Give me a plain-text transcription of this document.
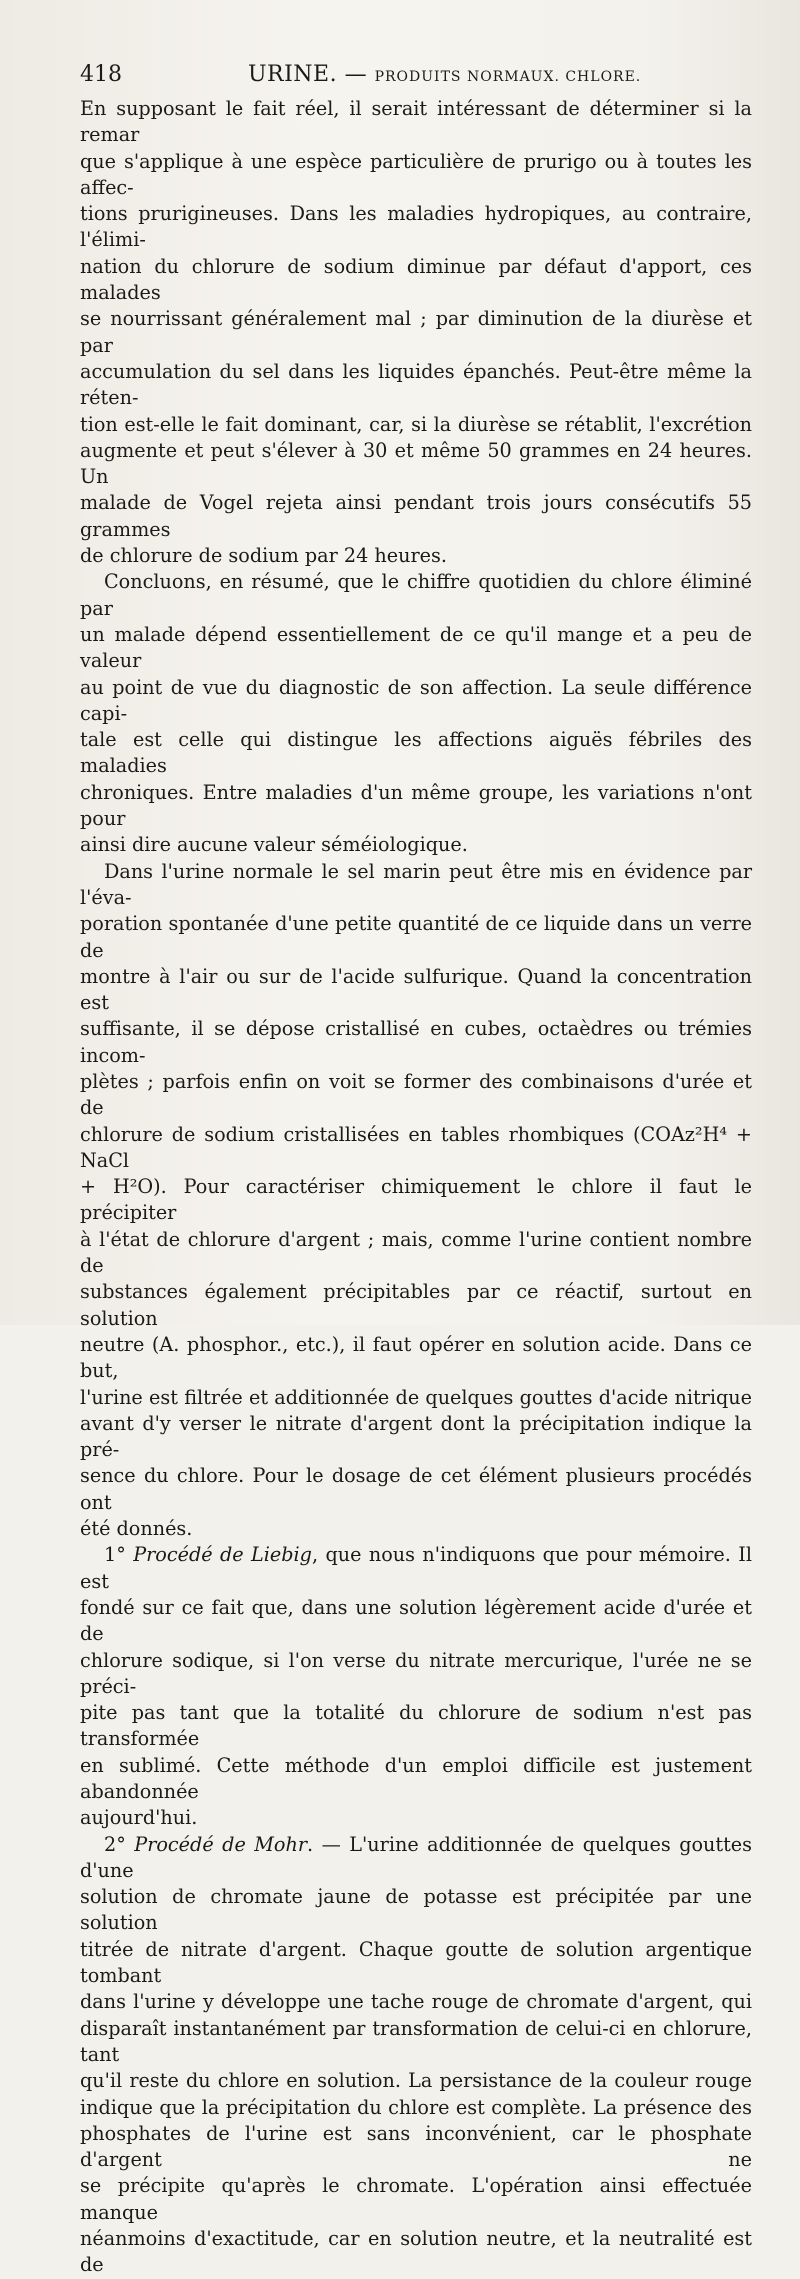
418	URINE. — PRODUITS NORMAUX. CHLORE.

En supposant le fait réel, il serait intéressant de déterminer si la remar

que s'applique à une espèce particulière de prurigo ou à toutes les affec-

tions prurigineuses. Dans les maladies hydropiques, au contraire, l'élimi-

nation du chlorure de sodium diminue par défaut d'apport, ces malades

se nourrissant généralement mal ; par diminution de la diurèse et par

accumulation du sel dans les liquides épanchés. Peut-être même la réten-

tion est-elle le fait dominant, car, si la diurèse se rétablit, l'excrétion

augmente et peut s'élever à 30 et même 50 grammes en 24 heures. Un

malade de Vogel rejeta ainsi pendant trois jours consécutifs 55 grammes

de chlorure de sodium par 24 heures.

Concluons, en résumé, que le chiffre quotidien du chlore éliminé par

un malade dépend essentiellement de ce qu'il mange et a peu de valeur

au point de vue du diagnostic de son affection. La seule différence capi-

tale est celle qui distingue les affections aiguës fébriles des maladies

chroniques. Entre maladies d'un même groupe, les variations n'ont pour

ainsi dire aucune valeur séméiologique.

Dans l'urine normale le sel marin peut être mis en évidence par l'éva-

poration spontanée d'une petite quantité de ce liquide dans un verre de

montre à l'air ou sur de l'acide sulfurique. Quand la concentration est

suffisante, il se dépose cristallisé en cubes, octaèdres ou trémies incom-

plètes ; parfois enfin on voit se former des combinaisons d'urée et de

chlorure de sodium cristallisées en tables rhombiques (COAz²H⁴ + NaCl

+ H²O). Pour caractériser chimiquement le chlore il faut le précipiter

à l'état de chlorure d'argent ; mais, comme l'urine contient nombre de

substances également précipitables par ce réactif, surtout en solution

neutre (A. phosphor., etc.), il faut opérer en solution acide. Dans ce but,

l'urine est filtrée et additionnée de quelques gouttes d'acide nitrique

avant d'y verser le nitrate d'argent dont la précipitation indique la pré-

sence du chlore. Pour le dosage de cet élément plusieurs procédés ont

été donnés.

1° Procédé de Liebig, que nous n'indiquons que pour mémoire. Il est

fondé sur ce fait que, dans une solution légèrement acide d'urée et de

chlorure sodique, si l'on verse du nitrate mercurique, l'urée ne se préci-

pite pas tant que la totalité du chlorure de sodium n'est pas transformée

en sublimé. Cette méthode d'un emploi difficile est justement abandonnée

aujourd'hui.

2° Procédé de Mohr. — L'urine additionnée de quelques gouttes d'une

solution de chromate jaune de potasse est précipitée par une solution

titrée de nitrate d'argent. Chaque goutte de solution argentique tombant

dans l'urine y développe une tache rouge de chromate d'argent, qui

disparaît instantanément par transformation de celui-ci en chlorure, tant

qu'il reste du chlore en solution. La persistance de la couleur rouge

indique que la précipitation du chlore est complète. La présence des

phosphates de l'urine est sans inconvénient, car le phosphate d'argent ne

se précipite qu'après le chromate. L'opération ainsi effectuée manque

néanmoins d'exactitude, car en solution neutre, et la neutralité est de
